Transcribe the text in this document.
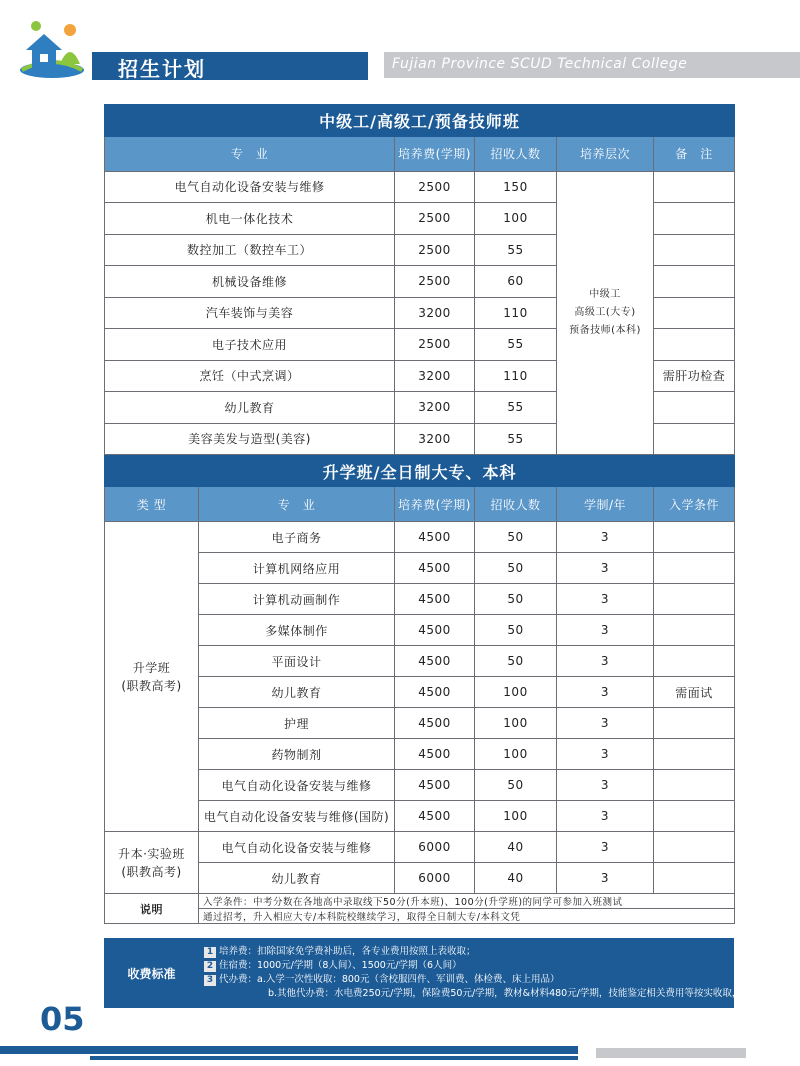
招生计划	Fujian Province SCUD Technical College
中级工/高级工/预备技师班				
专　业	培养费(学期)	招收人数	培养层次	备　注
电气自动化设备安装与维修	2500	150	中级工
高级工(大专)
预备技师(本科)	

机电一体化技术	2500	100		
数控加工（数控车工）	2500	55		
机械设备维修	2500	60		
汽车装饰与美容	3200	110		
电子技术应用	2500	55		
烹饪（中式烹调）	3200	110		需肝功检查
幼儿教育	3200	55		
美容美发与造型(美容)	3200	55		
升学班/全日制大专、本科					
类 型	专　业	培养费(学期)	招收人数	学制/年	入学条件

升学班
(职教高考)	电子商务	4500	50	3	
	计算机网络应用	4500	50	3	
	计算机动画制作	4500	50	3	
	多媒体制作	4500	50	3	
	平面设计	4500	50	3	
	幼儿教育	4500	100	3	需面试
	护理	4500	100	3	
	药物制剂	4500	100	3	
	电气自动化设备安装与维修	4500	50	3	
	电气自动化设备安装与维修(国防)	4500	100	3	

升本·实验班
(职教高考)	电气自动化设备安装与维修	6000	40	3	
	幼儿教育	6000	40	3	
说明	入学条件：中考分数在各地高中录取线下50分(升本班)、100分(升学班)的同学可参加入班测试				
	通过招考，升入相应大专/本科院校继续学习，取得全日制大专/本科文凭				
收费标准
1 培养费：扣除国家免学费补助后，各专业费用按照上表收取；
2 住宿费：1000元/学期（8人间）、1500元/学期（6人间）
3 代办费：a.入学一次性收取：800元（含校服四件、军训费、体检费、床上用品）
b.其他代办费：水电费250元/学期，保险费50元/学期，教材&材料480元/学期，技能鉴定相关费用等按实收取，多退少补
05
